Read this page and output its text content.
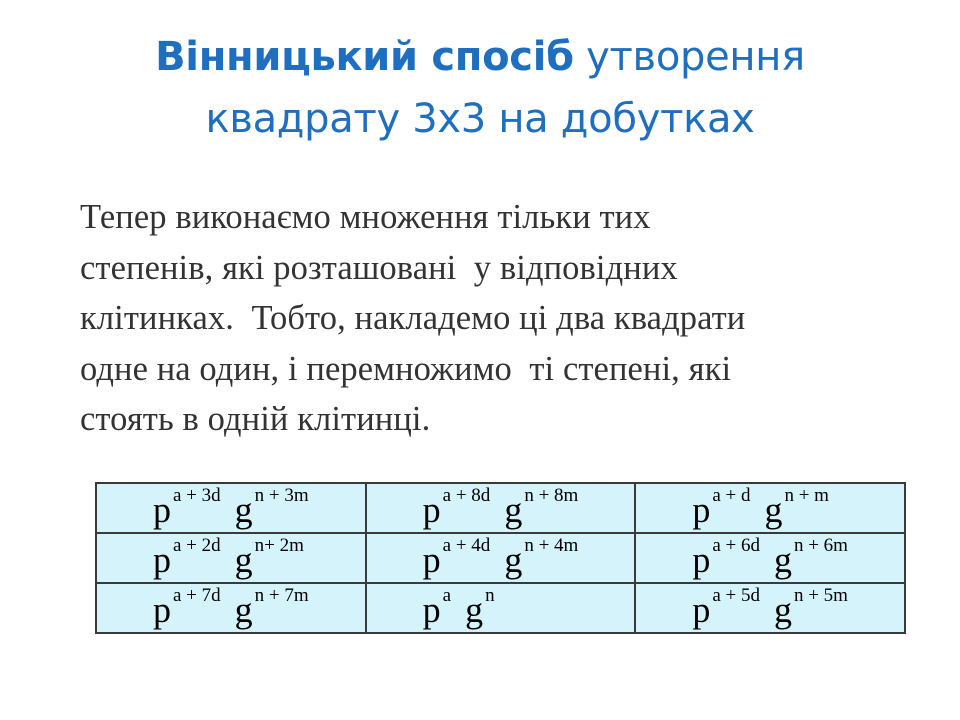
Вінницький спосіб утворення
квадрату 3х3 на добутках
Тепер виконаємо множення тільки тих
степенів, які розташовані  у відповідних
клітинках.  Тобто, накладемо ці два квадрати
одне на один, і перемножимо  ті степені, які
стоять в одній клітинці.
p a + 3d g n + 3m	p a + 8d g n + 8m	p a + d g n + m

p a + 2d g n+ 2m	p a + 4d g n + 4m	p a + 6d g n + 6m

p a + 7d g n + 7m	p a g n	p a + 5d g n + 5m
